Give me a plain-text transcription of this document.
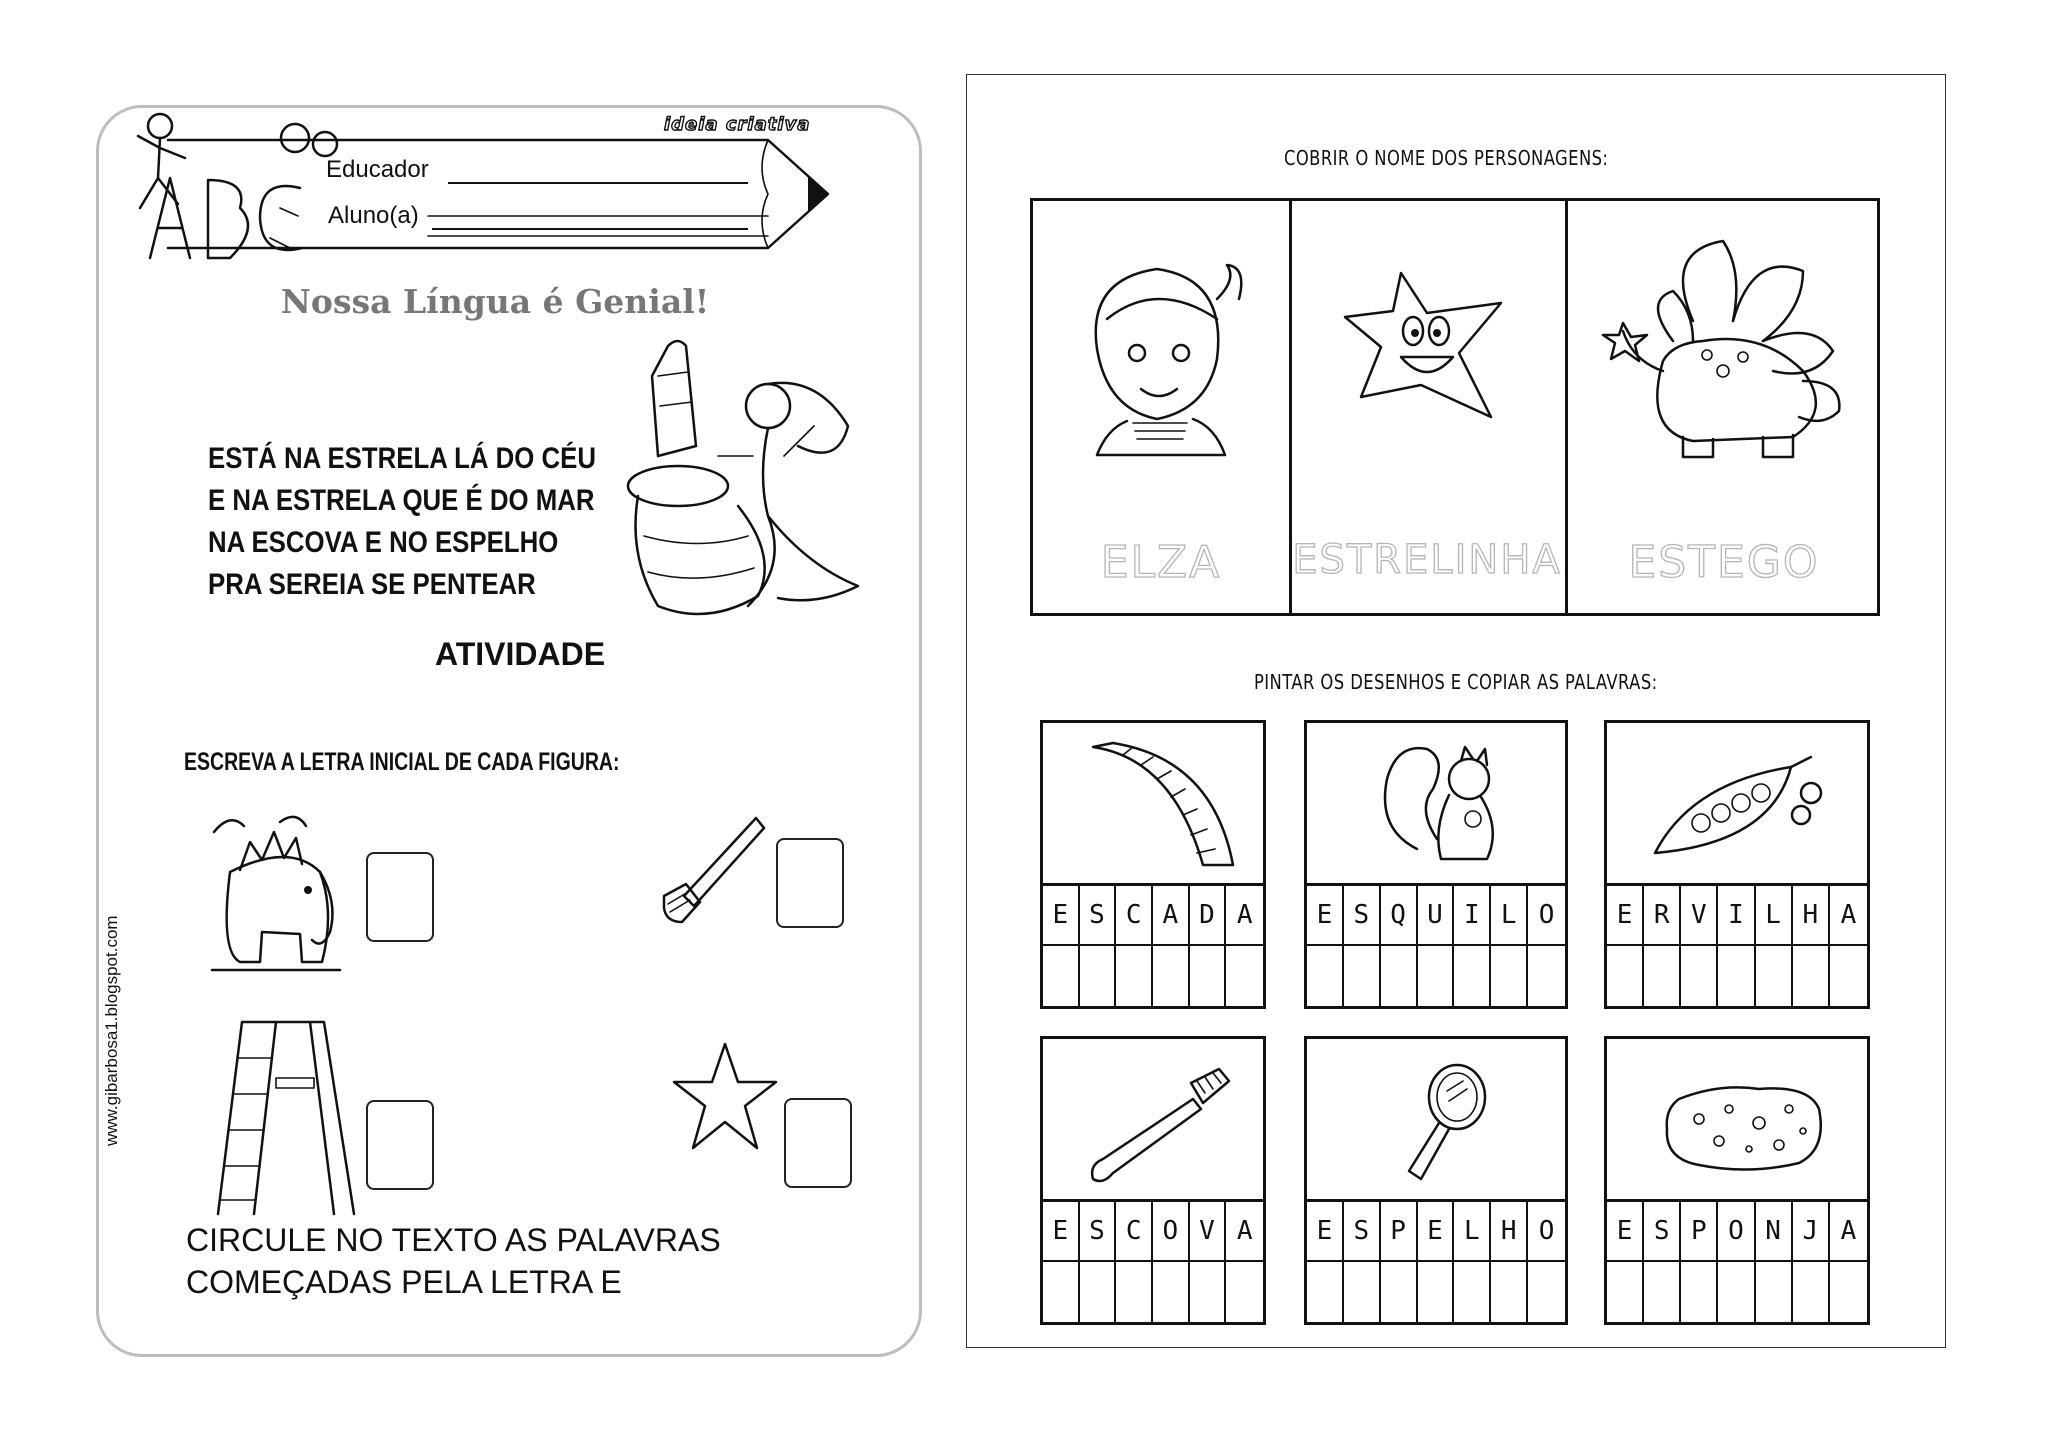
ideia criativa
Educador
Aluno(a)
Nossa Língua é Genial!
ESTÁ NA ESTRELA LÁ DO CÉU
E NA ESTRELA QUE É DO MAR
NA ESCOVA E NO ESPELHO
PRA SEREIA SE PENTEAR
ATIVIDADE
ESCREVA A LETRA INICIAL DE CADA FIGURA:
CIRCULE NO TEXTO AS PALAVRAS
COMEÇADAS PELA LETRA E
www.gibarbosa1.blogspot.com
COBRIR O NOME DOS PERSONAGENS:
ELZA	ESTRELINHA	ESTEGO
PINTAR OS DESENHOS E COPIAR AS PALAVRAS:
E S C A D A	E S Q U I L O	E R V I L H A
E S C O V A	E S P E L H O	E S P O N J A
